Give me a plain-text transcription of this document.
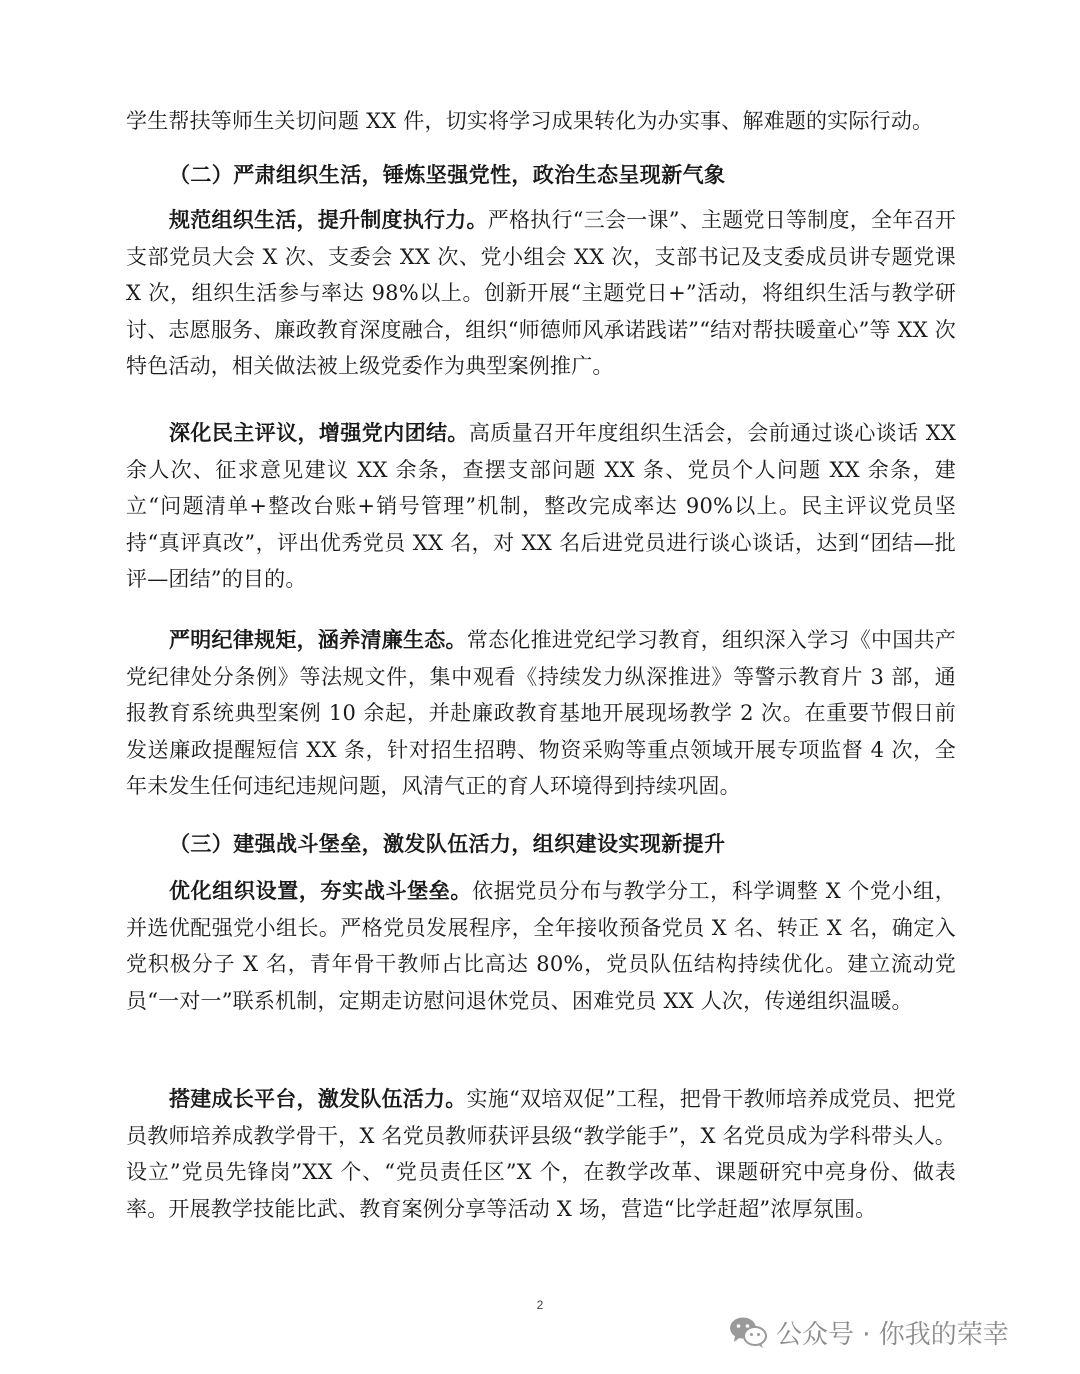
学生帮扶等师生关切问题 XX 件，切实将学习成果转化为办实事、解难题的实际行动。
（二）严肃组织生活，锤炼坚强党性，政治生态呈现新气象
规范组织生活，提升制度执行力。严格执行“三会一课”、主题党日等制度，全年召开支部党员大会 X 次、支委会 XX 次、党小组会 XX 次，支部书记及支委成员讲专题党课 X 次，组织生活参与率达 98%以上。创新开展“主题党日+”活动，将组织生活与教学研讨、志愿服务、廉政教育深度融合，组织“师德师风承诺践诺”“结对帮扶暖童心”等 XX 次特色活动，相关做法被上级党委作为典型案例推广。
深化民主评议，增强党内团结。高质量召开年度组织生活会，会前通过谈心谈话 XX 余人次、征求意见建议 XX 余条，查摆支部问题 XX 条、党员个人问题 XX 余条，建立“问题清单+整改台账+销号管理”机制，整改完成率达 90%以上。民主评议党员坚持“真评真改”，评出优秀党员 XX 名，对 XX 名后进党员进行谈心谈话，达到“团结—批评—团结”的目的。
严明纪律规矩，涵养清廉生态。常态化推进党纪学习教育，组织深入学习《中国共产党纪律处分条例》等法规文件，集中观看《持续发力纵深推进》等警示教育片 3 部，通报教育系统典型案例 10 余起，并赴廉政教育基地开展现场教学 2 次。在重要节假日前发送廉政提醒短信 XX 条，针对招生招聘、物资采购等重点领域开展专项监督 4 次，全年未发生任何违纪违规问题，风清气正的育人环境得到持续巩固。
（三）建强战斗堡垒，激发队伍活力，组织建设实现新提升
优化组织设置，夯实战斗堡垒。依据党员分布与教学分工，科学调整 X 个党小组，并选优配强党小组长。严格党员发展程序，全年接收预备党员 X 名、转正 X 名，确定入党积极分子 X 名，青年骨干教师占比高达 80%，党员队伍结构持续优化。建立流动党员“一对一”联系机制，定期走访慰问退休党员、困难党员 XX 人次，传递组织温暖。
搭建成长平台，激发队伍活力。实施“双培双促”工程，把骨干教师培养成党员、把党员教师培养成教学骨干，X 名党员教师获评县级“教学能手”，X 名党员成为学科带头人。设立”党员先锋岗”XX 个、“党员责任区”X 个，在教学改革、课题研究中亮身份、做表率。开展教学技能比武、教育案例分享等活动 X 场，营造“比学赶超”浓厚氛围。
2
公众号 · 你我的荣幸
